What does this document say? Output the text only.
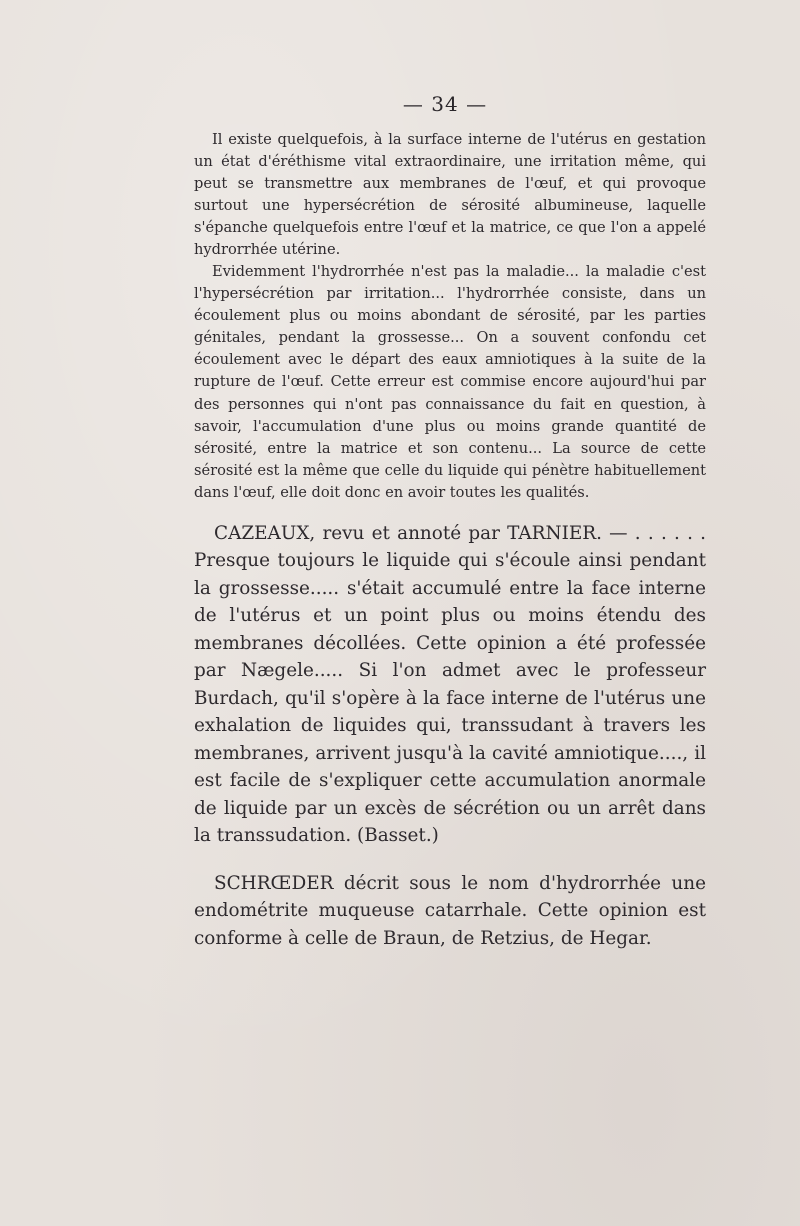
— 34 —

Il existe quelquefois, à la surface interne de l'utérus en gestation un état d'éréthisme vital extraordinaire, une irritation même, qui peut se transmettre aux membranes de l'œuf, et qui provoque surtout une hypersécrétion de sérosité albumineuse, laquelle s'épanche quelquefois entre l'œuf et la matrice, ce que l'on a appelé hydrorrhée utérine.

Evidemment l'hydrorrhée n'est pas la maladie... la maladie c'est l'hypersécrétion par irritation... l'hydrorrhée consiste, dans un écoulement plus ou moins abondant de sérosité, par les parties génitales, pendant la grossesse... On a souvent confondu cet écoulement avec le départ des eaux amniotiques à la suite de la rupture de l'œuf. Cette erreur est commise encore aujourd'hui par des personnes qui n'ont pas connaissance du fait en question, à savoir, l'accumulation d'une plus ou moins grande quantité de sérosité, entre la matrice et son contenu... La source de cette sérosité est la même que celle du liquide qui pénètre habituellement dans l'œuf, elle doit donc en avoir toutes les qualités.

CAZEAUX, revu et annoté par TARNIER. — . . . . . . Presque toujours le liquide qui s'écoule ainsi pendant la grossesse..... s'était accumulé entre la face interne de l'utérus et un point plus ou moins étendu des membranes décollées. Cette opinion a été professée par Nægele..... Si l'on admet avec le professeur Burdach, qu'il s'opère à la face interne de l'utérus une exhalation de liquides qui, transsudant à travers les membranes, arrivent jusqu'à la cavité amniotique...., il est facile de s'expliquer cette accumulation anormale de liquide par un excès de sécrétion ou un arrêt dans la transsudation. (Basset.)

SCHRŒDER décrit sous le nom d'hydrorrhée une endométrite muqueuse catarrhale. Cette opinion est conforme à celle de Braun, de Retzius, de Hegar.
